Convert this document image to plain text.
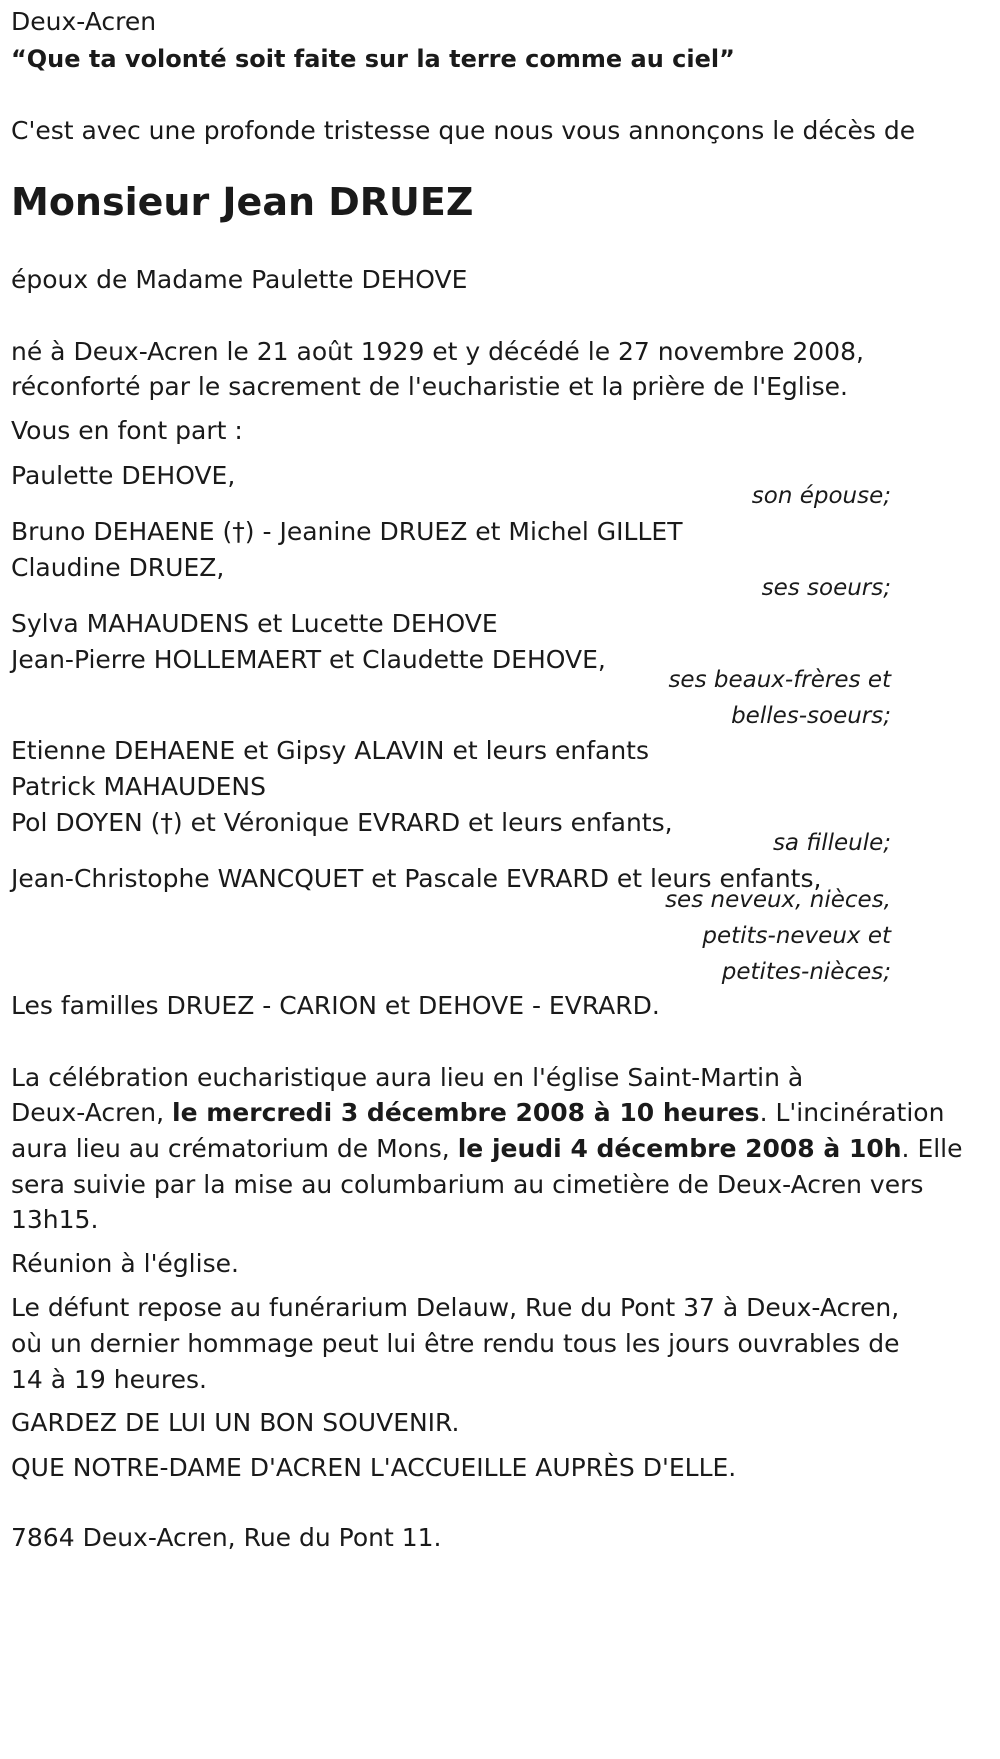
Deux-Acren
“Que ta volonté soit faite sur la terre comme au ciel”
C'est avec une profonde tristesse que nous vous annonçons le décès de
Monsieur Jean DRUEZ
époux de Madame Paulette DEHOVE
né à Deux-Acren le 21 août 1929 et y décédé le 27 novembre 2008,
réconforté par le sacrement de l'eucharistie et la prière de l'Eglise.
Vous en font part :
Paulette DEHOVE,
son épouse;
Bruno DEHAENE (†) - Jeanine DRUEZ et Michel GILLET
Claudine DRUEZ,
ses soeurs;
Sylva MAHAUDENS et Lucette DEHOVE
Jean-Pierre HOLLEMAERT et Claudette DEHOVE,
ses beaux-frères et
belles-soeurs;
Etienne DEHAENE et Gipsy ALAVIN et leurs enfants
Patrick MAHAUDENS
Pol DOYEN (†) et Véronique EVRARD et leurs enfants,
sa filleule;
Jean-Christophe WANCQUET et Pascale EVRARD et leurs enfants,
ses neveux, nièces,
petits-neveux et
petites-nièces;
Les familles DRUEZ - CARION et DEHOVE - EVRARD.
La célébration eucharistique aura lieu en l'église Saint-Martin à
Deux-Acren, le mercredi 3 décembre 2008 à 10 heures. L'incinération
aura lieu au crématorium de Mons, le jeudi 4 décembre 2008 à 10h. Elle
sera suivie par la mise au columbarium au cimetière de Deux-Acren vers
13h15.
Réunion à l'église.
Le défunt repose au funérarium Delauw, Rue du Pont 37 à Deux-Acren,
où un dernier hommage peut lui être rendu tous les jours ouvrables de
14 à 19 heures.
GARDEZ DE LUI UN BON SOUVENIR.
QUE NOTRE-DAME D'ACREN L'ACCUEILLE AUPRÈS D'ELLE.
7864 Deux-Acren, Rue du Pont 11.
